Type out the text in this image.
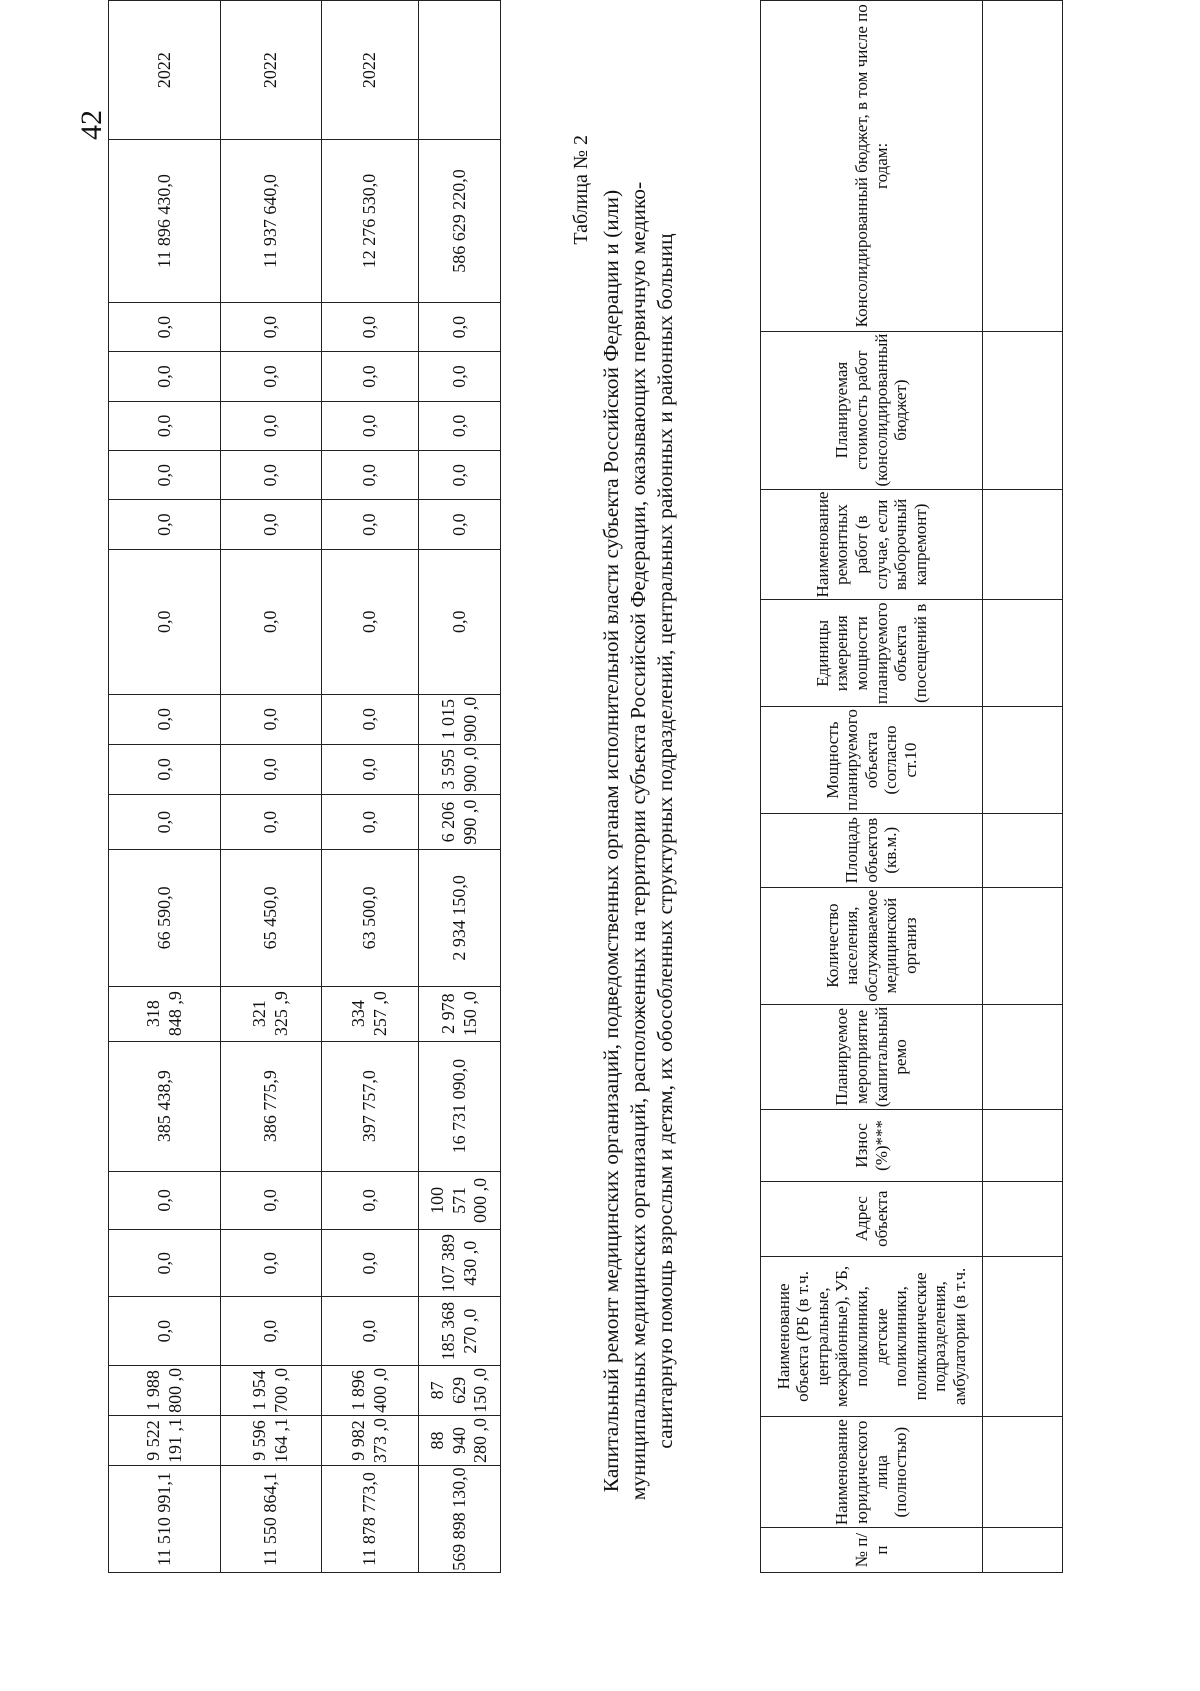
42
11 510 991,1	9 522 191 ,1	1 988 800 ,0	0,0	0,0	0,0	385 438,9	318 848 ,9	66 590,0	0,0	0,0	0,0	0,0	0,0	0,0	0,0	0,0	0,0	11 896 430,0	2022
11 550 864,1	9 596 164 ,1	1 954 700 ,0	0,0	0,0	0,0	386 775,9	321 325 ,9	65 450,0	0,0	0,0	0,0	0,0	0,0	0,0	0,0	0,0	0,0	11 937 640,0	2022
11 878 773,0	9 982 373 ,0	1 896 400 ,0	0,0	0,0	0,0	397 757,0	334 257 ,0	63 500,0	0,0	0,0	0,0	0,0	0,0	0,0	0,0	0,0	0,0	12 276 530,0	2022
569 898 130,0	88 940 280 ,0	87 629 150 ,0	185 368 270 ,0	107 389 430 ,0	100 571 000 ,0	16 731 090,0	2 978 150 ,0	2 934 150,0	6 206 990 ,0	3 595 900 ,0	1 015 900 ,0	0,0	0,0	0,0	0,0	0,0	0,0	586 629 220,0		Таблица № 2 Капитальный ремонт медицинских организаций, подведомственных органам исполнительной власти субъекта Российской Федерации и (или) муниципальных медицинских организаций, расположенных на территории субъекта Российской Федерации, оказывающих первичную медико-санитарную помощь взрослым и детям, их обособленных структурных подразделений, центральных районных и районных больниц
№ п/п	Наименование юридического лица (полностью)	Наименование объекта (РБ (в т.ч. центральные, межрайонные), УБ, поликлиники, детские поликлиники, поликлинические подразделения, амбулатории (в т.ч.	Адрес объекта	Износ (%)***	Планируемое мероприятие (капитальный ремо	Количество населения, обслуживаемое медицинской организ	Площадь объектов (кв.м.)	Мощность планируемого объекта (согласно ст.10	Единицы измерения мощности планируемого объекта (посещений в	Наименование ремонтных работ (в случае, если выборочный капремонт)	Планируемая стоимость работ (консолидированный бюджет)	Консолидированный бюджет, в том числе по годам:
